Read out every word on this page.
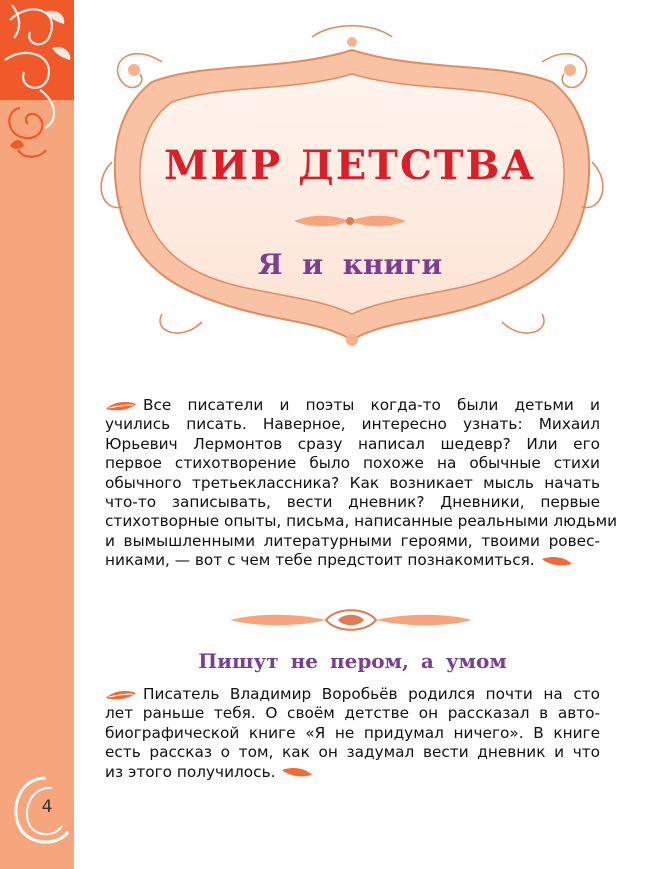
МИР ДЕТСТВА
Я и книги
Все писатели и поэты когда-то были детьми и
учились писать. Наверное, интересно узнать: Михаил
Юрьевич Лермонтов сразу написал шедевр? Или его
первое стихотворение было похоже на обычные стихи
обычного третьеклассника? Как возникает мысль начать
что-то записывать, вести дневник? Дневники, первые
стихотворные опыты, письма, написанные реальными людьми
и вымышленными литературными героями, твоими ровес-
никами, — вот с чем тебе предстоит познакомиться.
Пишут не пером, а умом
Писатель Владимир Воробьёв родился почти на сто
лет раньше тебя. О своём детстве он рассказал в авто-
биографической книге «Я не придумал ничего». В книге
есть рассказ о том, как он задумал вести дневник и что
из этого получилось.
4
